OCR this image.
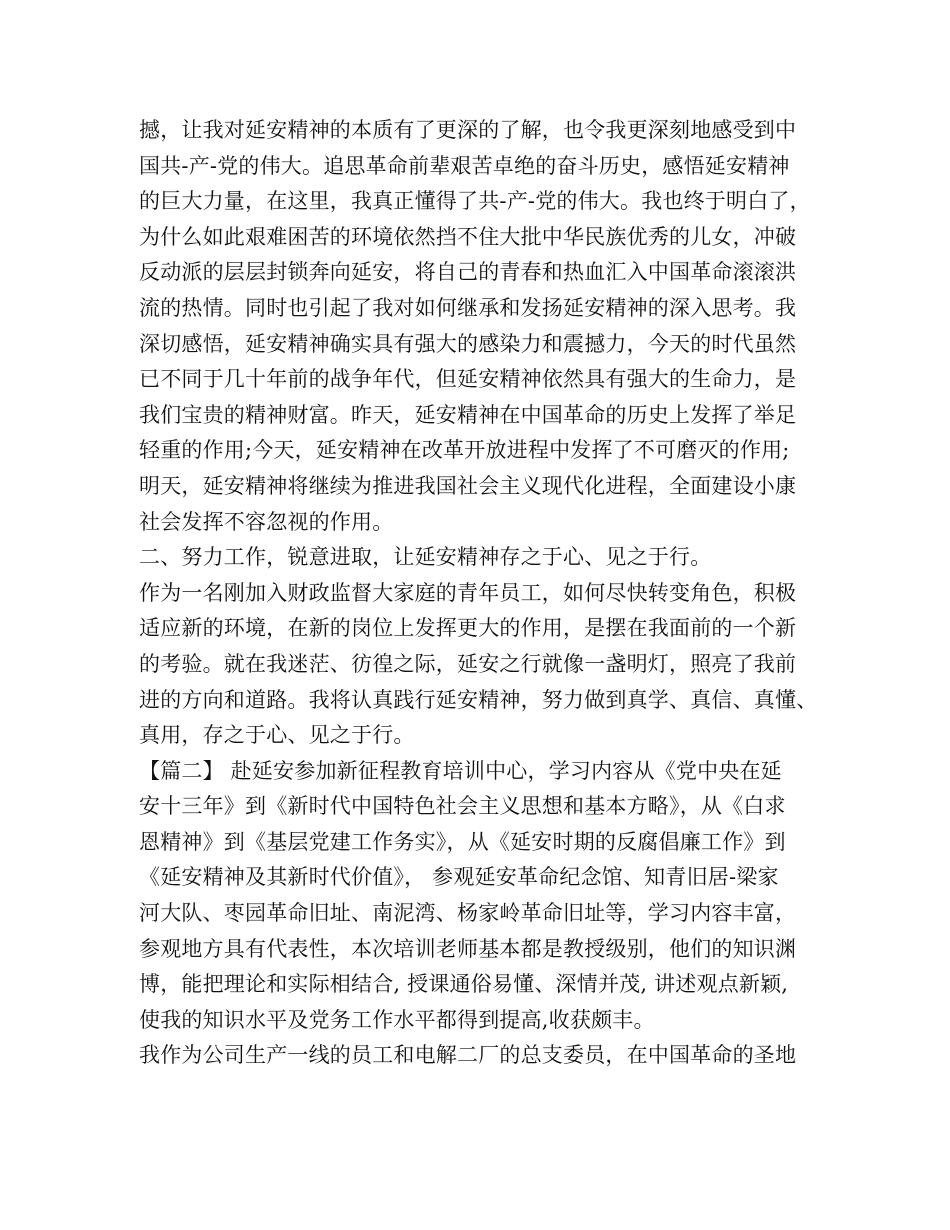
撼，让我对延安精神的本质有了更深的了解，也令我更深刻地感受到中
国共-产-党的伟大。追思革命前辈艰苦卓绝的奋斗历史，感悟延安精神
的巨大力量，在这里，我真正懂得了共-产-党的伟大。我也终于明白了，
为什么如此艰难困苦的环境依然挡不住大批中华民族优秀的儿女，冲破
反动派的层层封锁奔向延安，将自己的青春和热血汇入中国革命滚滚洪
流的热情。同时也引起了我对如何继承和发扬延安精神的深入思考。我
深切感悟，延安精神确实具有强大的感染力和震撼力，今天的时代虽然
已不同于几十年前的战争年代，但延安精神依然具有强大的生命力，是
我们宝贵的精神财富。昨天，延安精神在中国革命的历史上发挥了举足
轻重的作用;今天，延安精神在改革开放进程中发挥了不可磨灭的作用;
明天，延安精神将继续为推进我国社会主义现代化进程，全面建设小康
社会发挥不容忽视的作用。
二、努力工作，锐意进取，让延安精神存之于心、见之于行。
作为一名刚加入财政监督大家庭的青年员工，如何尽快转变角色，积极
适应新的环境，在新的岗位上发挥更大的作用，是摆在我面前的一个新
的考验。就在我迷茫、彷徨之际，延安之行就像一盏明灯，照亮了我前
进的方向和道路。我将认真践行延安精神，努力做到真学、真信、真懂、
真用，存之于心、见之于行。
【篇二】 赴延安参加新征程教育培训中心，学习内容从《党中央在延
安十三年》到《新时代中国特色社会主义思想和基本方略》，从《白求
恩精神》到《基层党建工作务实》，从《延安时期的反腐倡廉工作》到
《延安精神及其新时代价值》， 参观延安革命纪念馆、知青旧居-梁家
河大队、枣园革命旧址、南泥湾、杨家岭革命旧址等，学习内容丰富，
参观地方具有代表性，本次培训老师基本都是教授级别，他们的知识渊
博，能把理论和实际相结合, 授课通俗易懂、深情并茂, 讲述观点新颖,
使我的知识水平及党务工作水平都得到提高,收获颇丰。
我作为公司生产一线的员工和电解二厂的总支委员，在中国革命的圣地
